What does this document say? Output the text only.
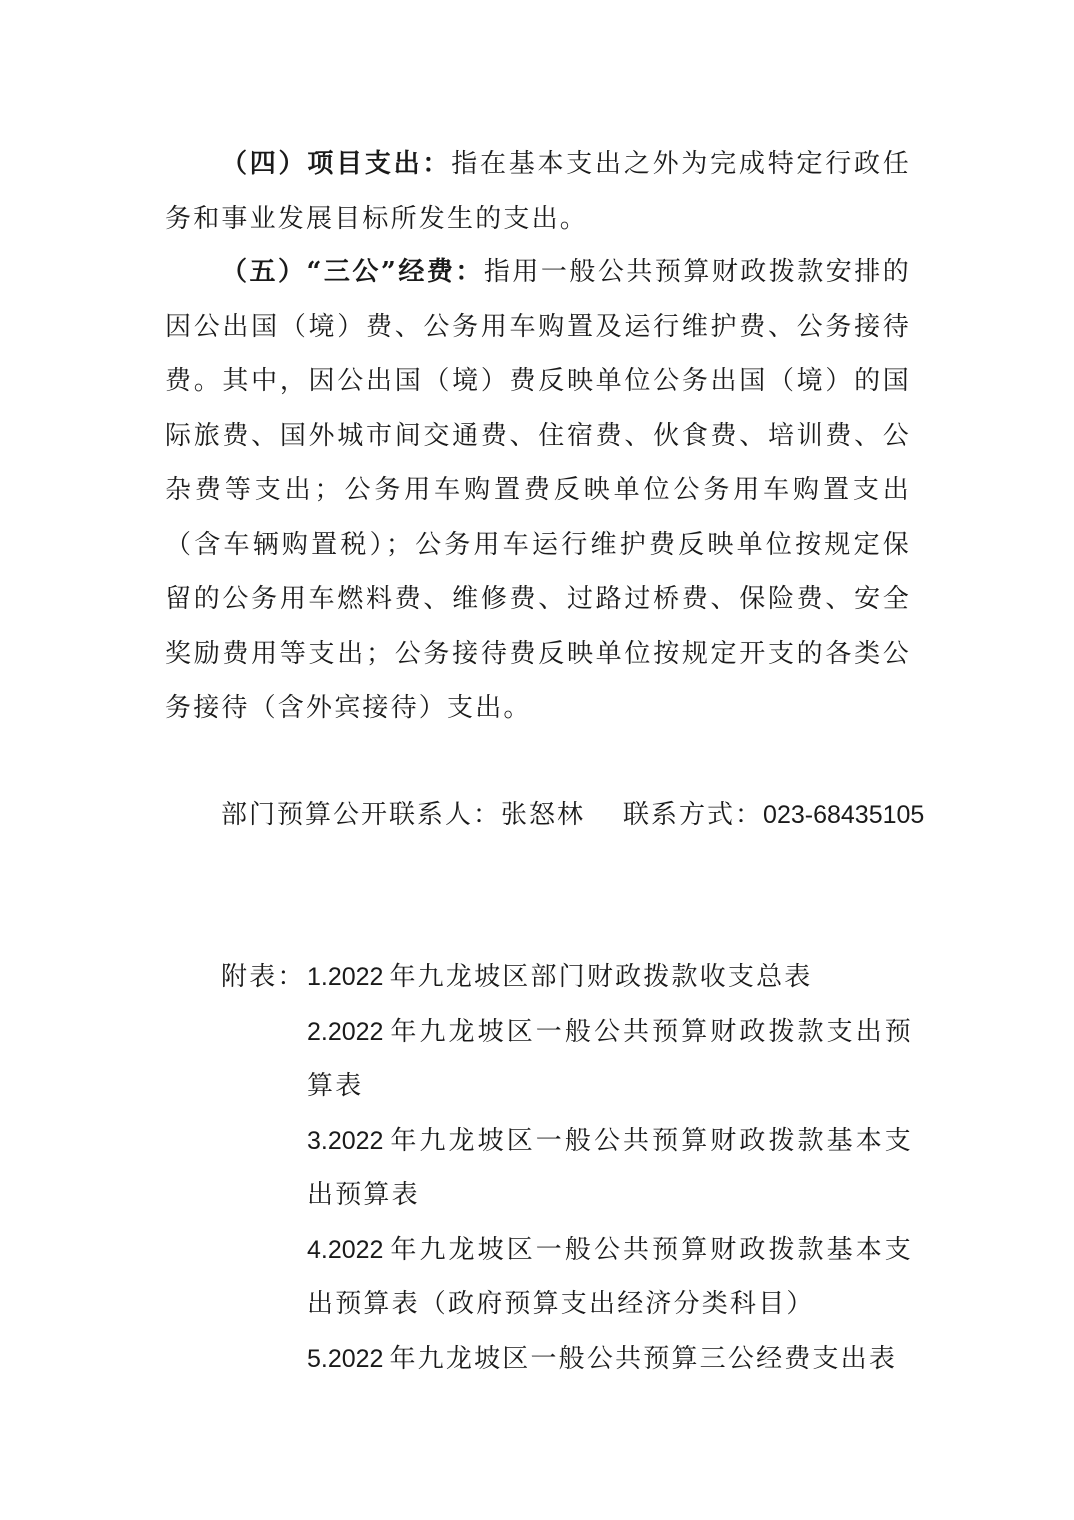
（四）项目支出：指在基本支出之外为完成特定行政任务和事业发展目标所发生的支出。

（五）“三公”经费：指用一般公共预算财政拨款安排的因公出国（境）费、公务用车购置及运行维护费、公务接待费。其中，因公出国（境）费反映单位公务出国（境）的国际旅费、国外城市间交通费、住宿费、伙食费、培训费、公杂费等支出；公务用车购置费反映单位公务用车购置支出（含车辆购置税）；公务用车运行维护费反映单位按规定保留的公务用车燃料费、维修费、过路过桥费、保险费、安全奖励费用等支出；公务接待费反映单位按规定开支的各类公务接待（含外宾接待）支出。

部门预算公开联系人：张怒林 联系方式：023-68435105
附表： 1.2022 年九龙坡区部门财政拨款收支总表
2.2022 年九龙坡区一般公共预算财政拨款支出预算表
3.2022 年九龙坡区一般公共预算财政拨款基本支出预算表
4.2022 年九龙坡区一般公共预算财政拨款基本支出预算表（政府预算支出经济分类科目）
5.2022 年九龙坡区一般公共预算三公经费支出表
